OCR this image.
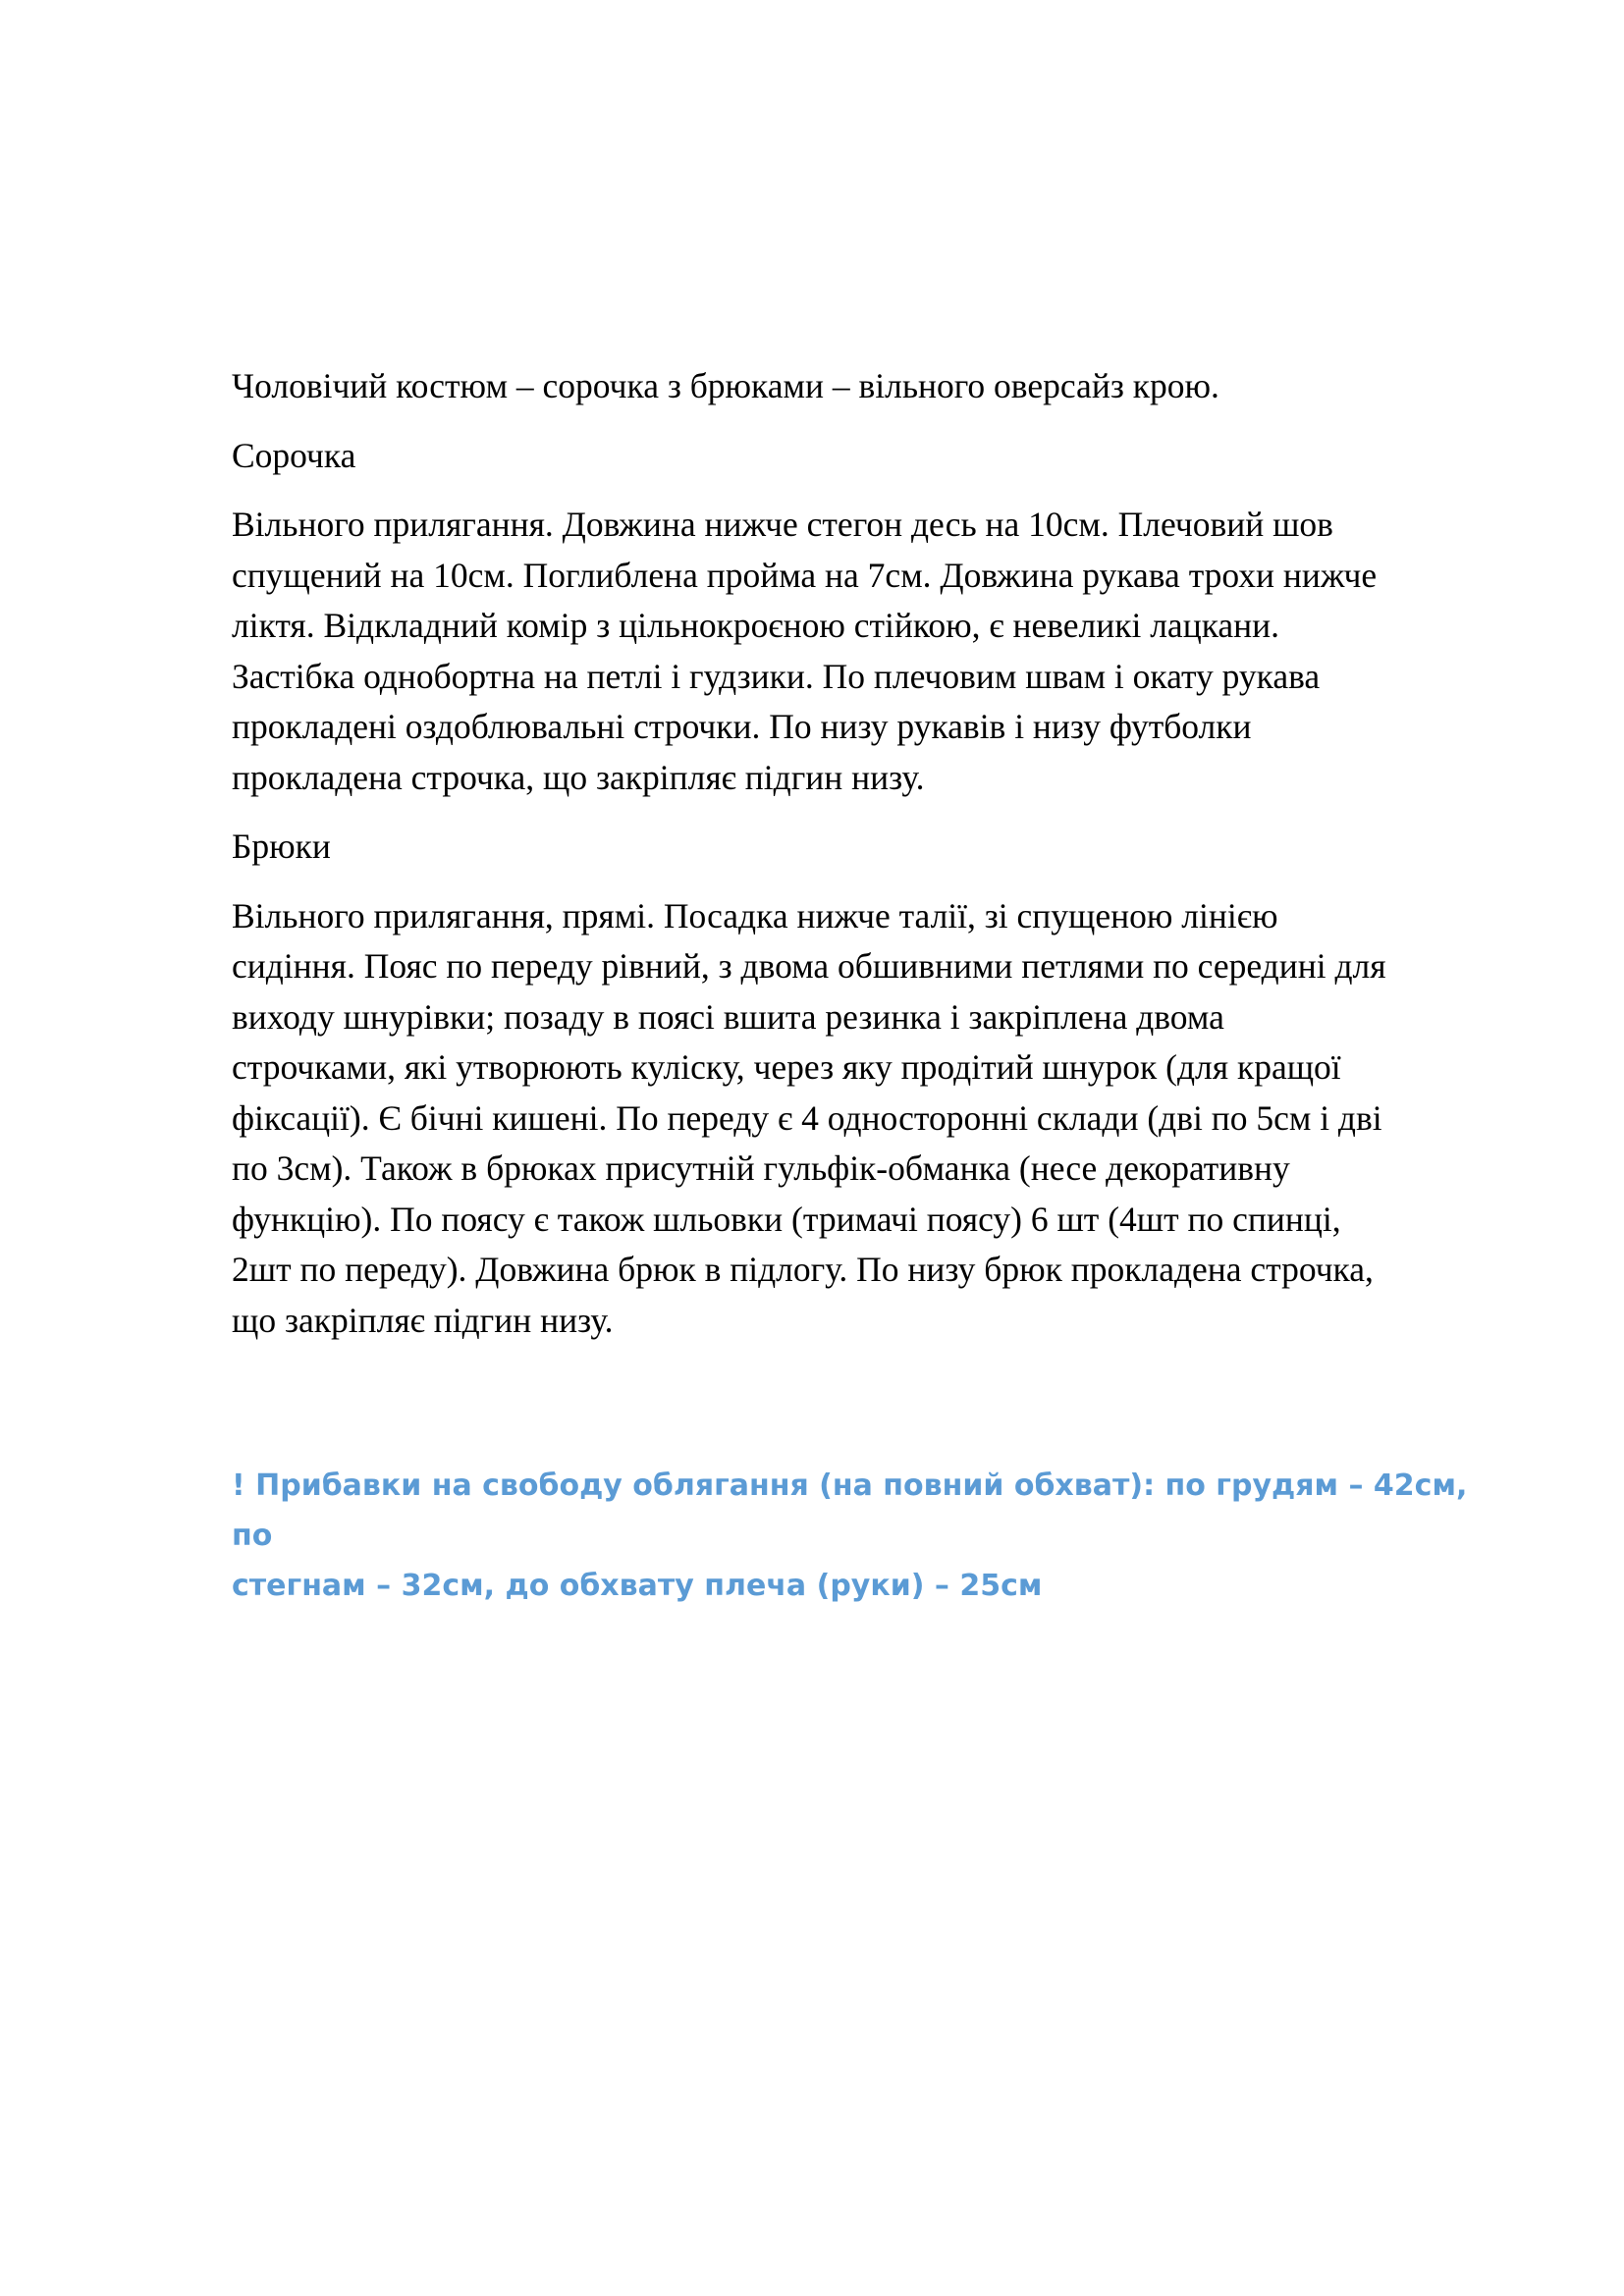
Чоловічий костюм – сорочка з брюками – вільного оверсайз крою.

Сорочка

Вільного прилягання. Довжина нижче стегон десь на 10см. Плечовий шов
спущений на 10см. Поглиблена пройма на 7см. Довжина рукава трохи нижче
ліктя. Відкладний комір з цільнокроєною стійкою, є невеликі лацкани.
Застібка однобортна на петлі і гудзики. По плечовим швам і окату рукава
прокладені оздоблювальні строчки. По низу рукавів і низу футболки
прокладена строчка, що закріпляє підгин низу.

Брюки

Вільного прилягання, прямі. Посадка нижче талії, зі спущеною лінією
сидіння. Пояс по переду рівний, з двома обшивними петлями по середині для
виходу шнурівки; позаду в поясі вшита резинка і закріплена двома
строчками, які утворюють куліску, через яку продітий шнурок (для кращої
фіксації). Є бічні кишені. По переду є 4 односторонні склади (дві по 5см і дві
по 3см). Також в брюках присутній гульфік-обманка (несе декоративну
функцію). По поясу є також шльовки (тримачі поясу) 6 шт (4шт по спинці,
2шт по переду). Довжина брюк в підлогу. По низу брюк прокладена строчка,
що закріпляє підгин низу.

! Прибавки на свободу облягання (на повний обхват): по грудям – 42см, по
стегнам – 32см, до обхвату плеча (руки) – 25см
